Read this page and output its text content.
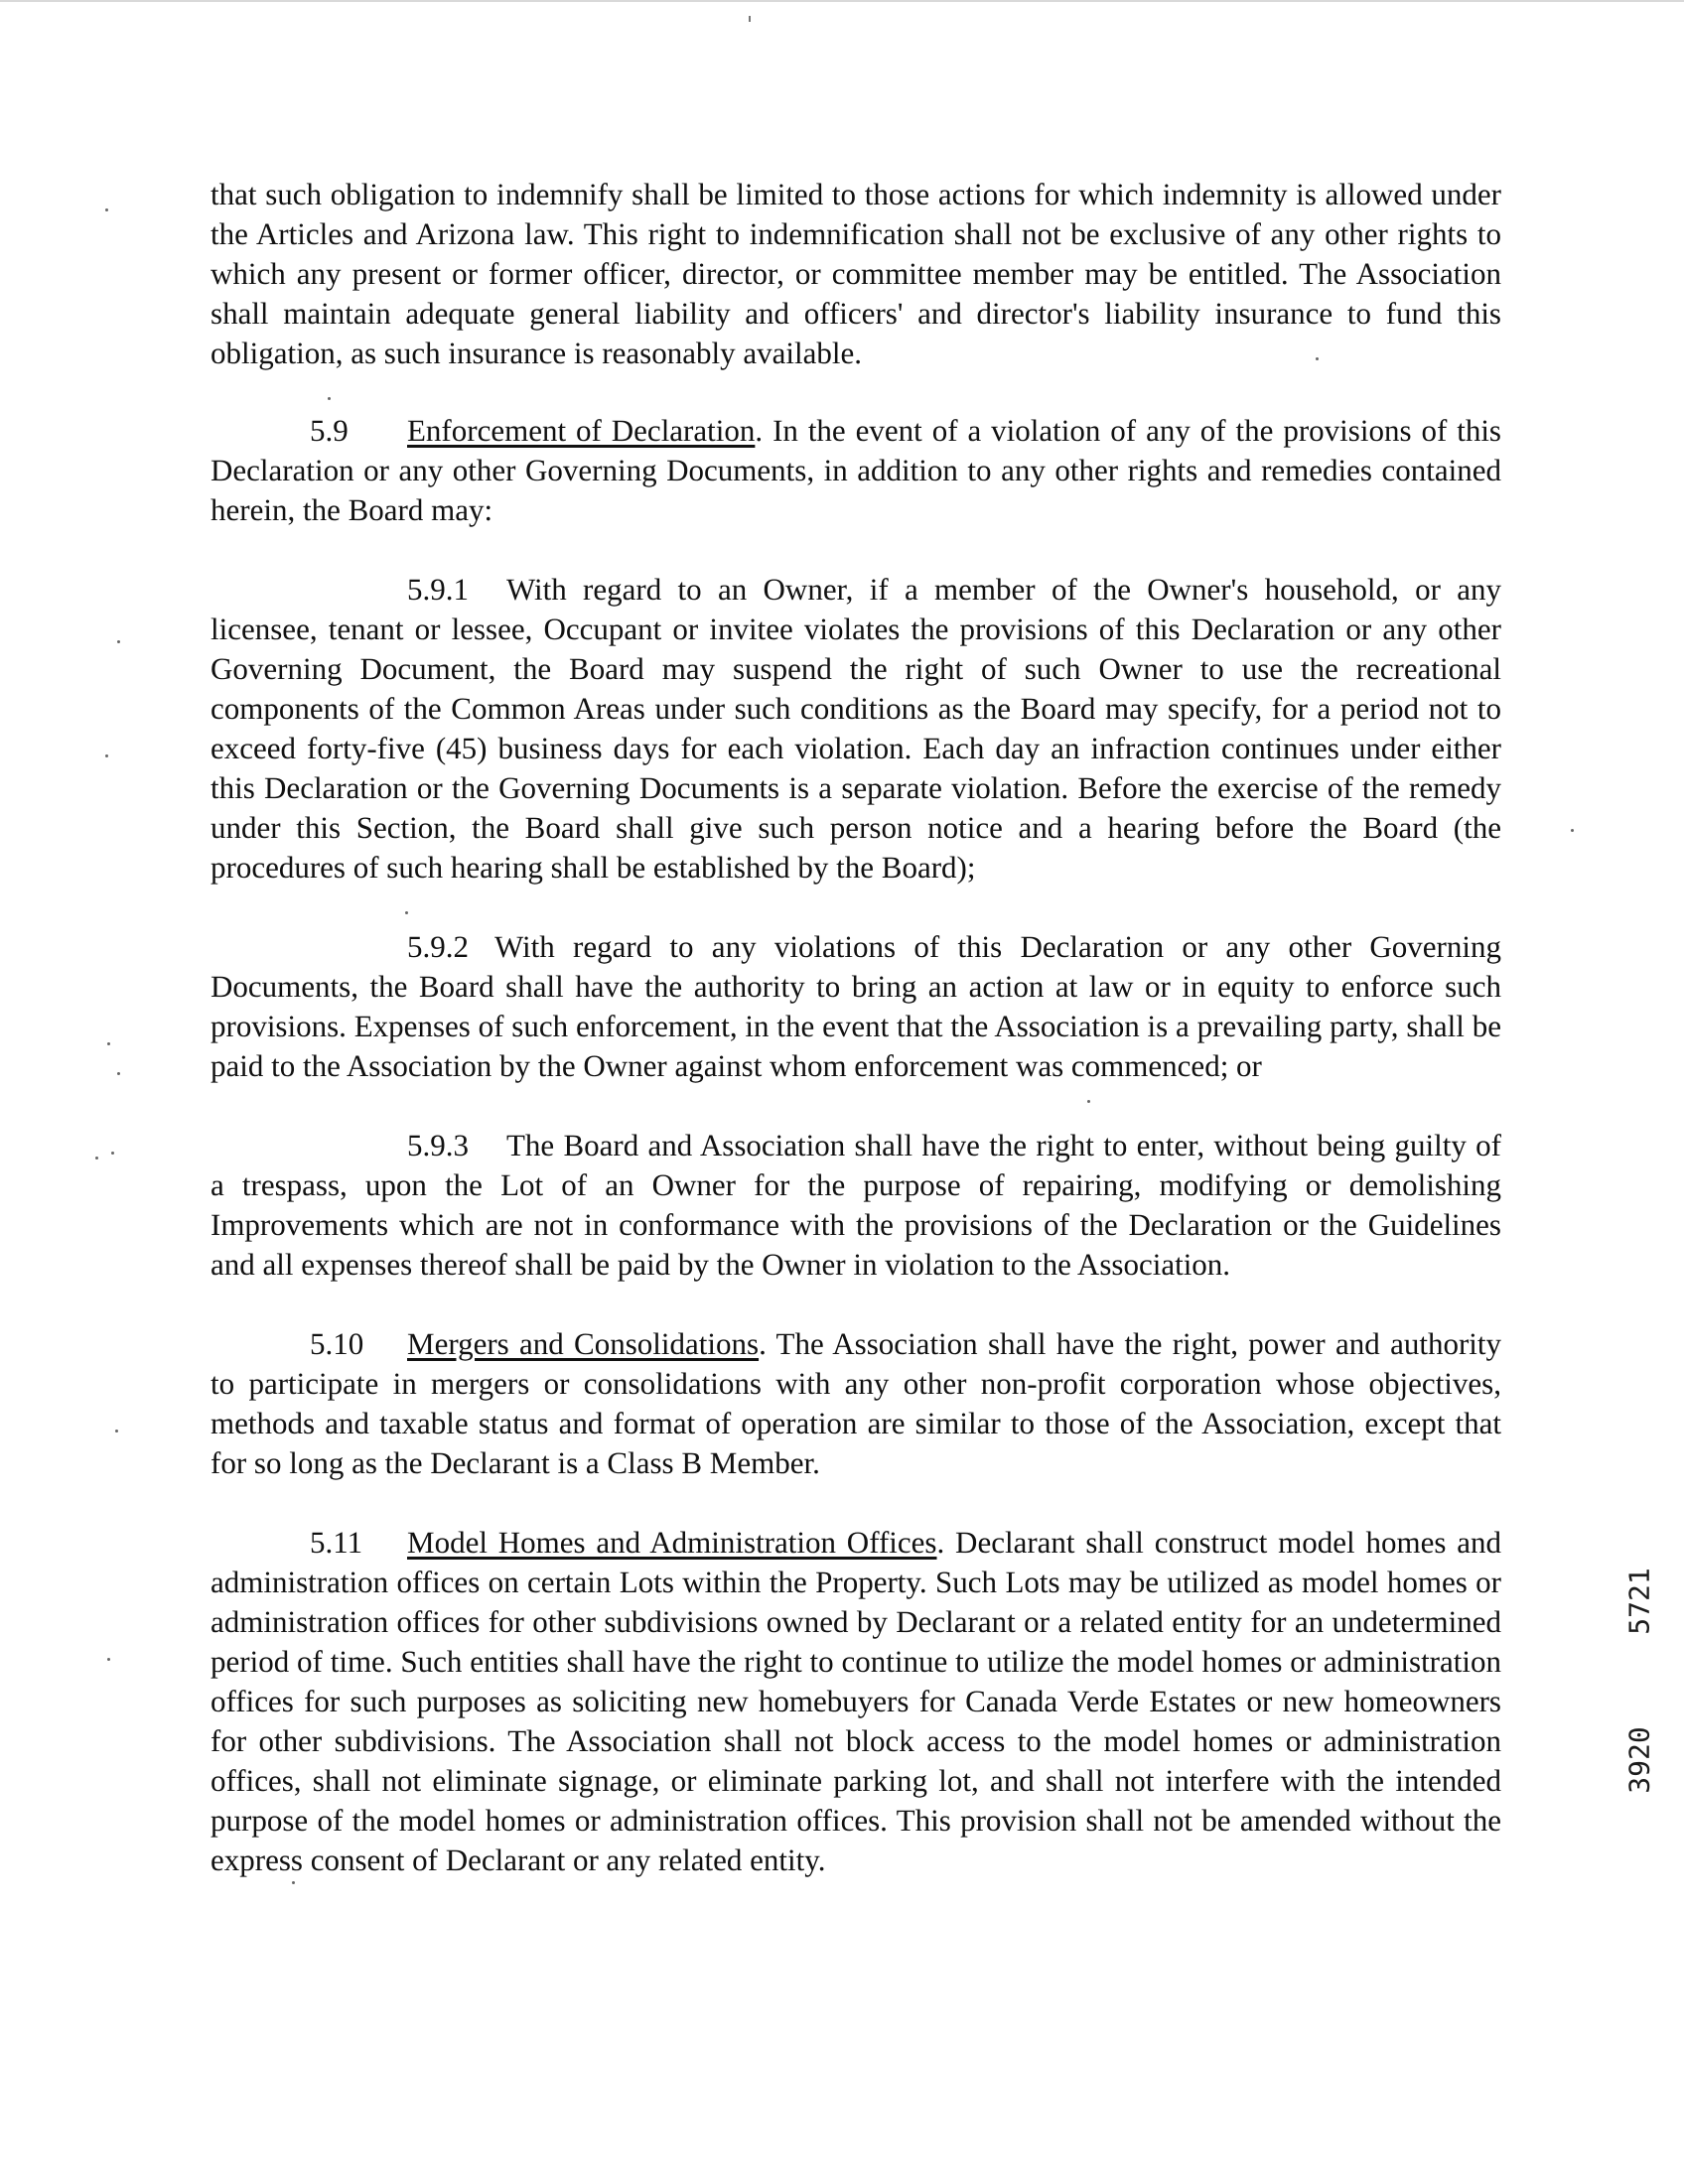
that such obligation to indemnify shall be limited to those actions for which indemnity is allowed under the Articles and Arizona law. This right to indemnification shall not be exclusive of any other rights to which any present or former officer, director, or committee member may be entitled. The Association shall maintain adequate general liability and officers' and director's liability insurance to fund this obligation, as such insurance is reasonably available.

5.9 Enforcement of Declaration. In the event of a violation of any of the provisions of this Declaration or any other Governing Documents, in addition to any other rights and remedies contained herein, the Board may:

5.9.1 With regard to an Owner, if a member of the Owner's household, or any licensee, tenant or lessee, Occupant or invitee violates the provisions of this Declaration or any other Governing Document, the Board may suspend the right of such Owner to use the recreational components of the Common Areas under such conditions as the Board may specify, for a period not to exceed forty-five (45) business days for each violation. Each day an infraction continues under either this Declaration or the Governing Documents is a separate violation. Before the exercise of the remedy under this Section, the Board shall give such person notice and a hearing before the Board (the procedures of such hearing shall be established by the Board);

5.9.2 With regard to any violations of this Declaration or any other Governing Documents, the Board shall have the authority to bring an action at law or in equity to enforce such provisions. Expenses of such enforcement, in the event that the Association is a prevailing party, shall be paid to the Association by the Owner against whom enforcement was commenced; or

5.9.3 The Board and Association shall have the right to enter, without being guilty of a trespass, upon the Lot of an Owner for the purpose of repairing, modifying or demolishing Improvements which are not in conformance with the provisions of the Declaration or the Guidelines and all expenses thereof shall be paid by the Owner in violation to the Association.

5.10 Mergers and Consolidations. The Association shall have the right, power and authority to participate in mergers or consolidations with any other non-profit corporation whose objectives, methods and taxable status and format of operation are similar to those of the Association, except that for so long as the Declarant is a Class B Member.

5.11 Model Homes and Administration Offices. Declarant shall construct model homes and administration offices on certain Lots within the Property. Such Lots may be utilized as model homes or administration offices for other subdivisions owned by Declarant or a related entity for an undetermined period of time. Such entities shall have the right to continue to utilize the model homes or administration offices for such purposes as soliciting new homebuyers for Canada Verde Estates or new homeowners for other subdivisions. The Association shall not block access to the model homes or administration offices, shall not eliminate signage, or eliminate parking lot, and shall not interfere with the intended purpose of the model homes or administration offices. This provision shall not be amended without the express consent of Declarant or any related entity.

5721
3920
